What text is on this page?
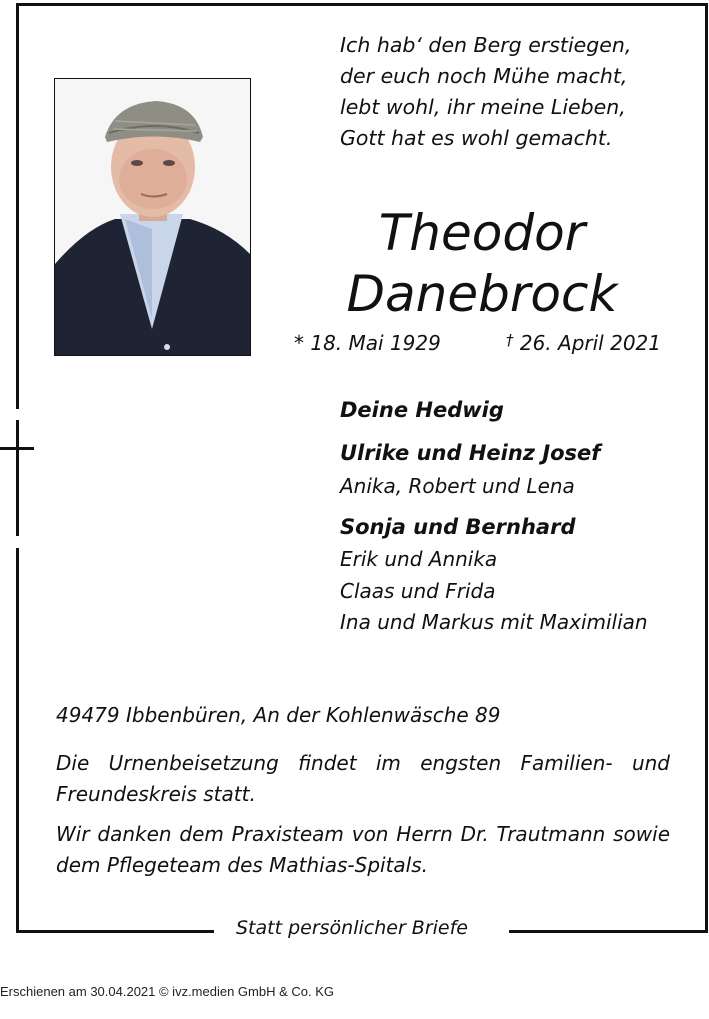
Ich hab‘ den Berg erstiegen,
der euch noch Mühe macht,
lebt wohl, ihr meine Lieben,
Gott hat es wohl gemacht.
Theodor
Danebrock
* 18. Mai 1929	† 26. April 2021
Deine Hedwig
Ulrike und Heinz Josef
Anika, Robert und Lena
Sonja und Bernhard
Erik und Annika
Claas und Frida
Ina und Markus mit Maximilian
49479 Ibbenbüren, An der Kohlenwäsche 89
Die Urnenbeisetzung findet im engsten Familien- und Freundeskreis statt.
Wir danken dem Praxisteam von Herrn Dr. Trautmann sowie dem Pflegeteam des Mathias-Spitals.
Statt persönlicher Briefe
Erschienen am 30.04.2021 © ivz.medien GmbH & Co. KG
